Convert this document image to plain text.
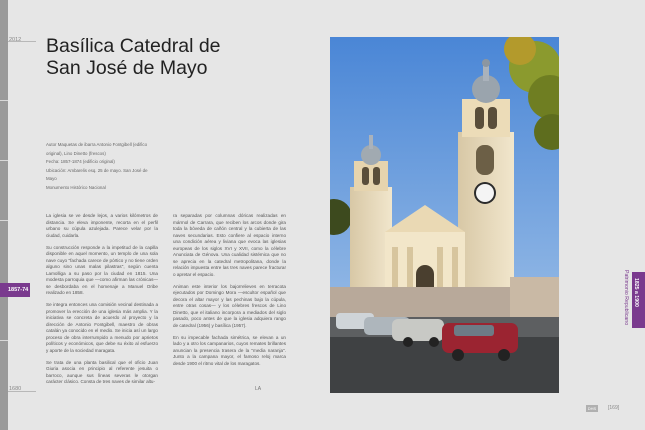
2012
1857-74
1680
Basílica Catedral de
San José de Mayo
Autor Maquetas de ibarra Antonio Fontgibell (edifico
original), Lino Dinetto (frescos)
Fecha: 1857-1874 (edificio original)
Ubicación: Ambarelis esq. 25 de mayo. San José de
Mayo
Monumento Histórico Nacional

La iglesia se ve desde lejos, a varios kilómetros de distancia. Se eleva imponente, recorta en el perfil urbano su cúpula azulejada. Parece velar por la ciudad, cuidarla.

Su construcción responde a la impetitud de la capilla disponible en aquel momento, un templo de una sola nave cuyo "fachada carece de pórtico y no tiene orden alguno sino unas malas pilastras", según cuenta Lamolliga a su paso por la ciudad en 1815. Una modesta parroquia que —como afirman las crónicas— se desbordaba en el homenaje a Manuel Oribe realizado en 1858.

Se integra entonces una comisión vecinal destinada a promover la erección de una iglesia más amplia. Y la iniciativa se concreta de acuerdo al proyecto y la dirección de Antonio Fontgibell, maestro de obras catalán ya conocido en el medio. Se inicia así un largo proceso de obra interrumpido a menudo por aprietos políticos y económicos, que debe su éxito al esfuerzo y aporte de la sociedad maragata.

Se trata de una planta basilical que el oficio Juan Giuria asocia en principio al referente jesuita o barroco, aunque sus líneas severas le otorgan carácter clásico. Consta de tres naves de similar altu-

ra separadas por columnas dóricas realizadas en mármol de Carrara, que reciben los arcos donde gira toda la bóveda de cañón central y la cubierta de las naves secundarias. Esto confiere al espacio interno una condición aérea y liviana que evoca las iglesias europeas de los siglos XVI y XVII, como la célebre Anunciata de Génova. Una cualidad sistémica que no se aprecia en la catedral metropolitana, donde la relación impuesta entre las tres naves parece fracturar o apretar el espacio.

Animan este interior los bajorrelieves en terracota ejecutados por Domingo Mora —escultor español que decora el altar mayor y las pechinas bajo la cúpula, entre otras cosas— y los célebres frescos de Lino Dinetto, que el italiano incorpora a mediados del siglo pasado, poco antes de que la iglesia adquiera rango de catedral (1956) y basílica (1957).

En su impecable fachada simétrica, se elevan a un lado y a otro los campanarios, cuyos remates brillantes anuncian la presencia trasera de la "media naranja". Junto a la campana mayor, el famoso reloj marca desde 1900 el ritmo vital de los maragatos.

LA
1825 a 1900
Patrimonio Republicano
DHS	[169]
